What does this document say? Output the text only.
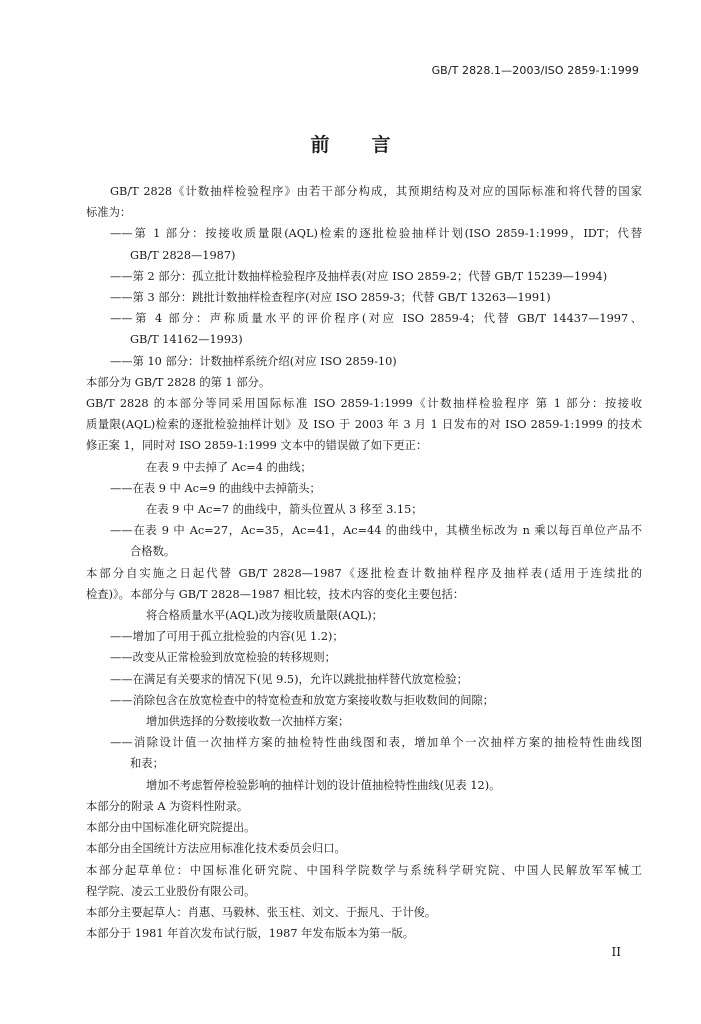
GB/T 2828.1—2003/ISO 2859-1:1999
前言
GB/T 2828《计数抽样检验程序》由若干部分构成，其预期结构及对应的国际标准和将代替的国家
标准为：
——第 1 部分：按接收质量限(AQL)检索的逐批检验抽样计划(ISO 2859-1:1999，IDT；代替
GB/T 2828—1987)
——第 2 部分：孤立批计数抽样检验程序及抽样表(对应 ISO 2859-2；代替 GB/T 15239—1994)
——第 3 部分：跳批计数抽样检查程序(对应 ISO 2859-3；代替 GB/T 13263—1991)
——第 4 部分：声称质量水平的评价程序(对应 ISO 2859-4；代替 GB/T 14437—1997、
GB/T 14162—1993)
——第 10 部分：计数抽样系统介绍(对应 ISO 2859-10)
本部分为 GB/T 2828 的第 1 部分。
GB/T 2828 的本部分等同采用国际标准 ISO 2859-1:1999《计数抽样检验程序 第 1 部分：按接收
质量限(AQL)检索的逐批检验抽样计划》及 ISO 于 2003 年 3 月 1 日发布的对 ISO 2859-1:1999 的技术
修正案 1，同时对 ISO 2859-1:1999 文本中的错误做了如下更正：
在表 9 中去掉了 Ac=4 的曲线；
——在表 9 中 Ac=9 的曲线中去掉箭头；
在表 9 中 Ac=7 的曲线中，箭头位置从 3 移至 3.15；
——在表 9 中 Ac=27，Ac=35，Ac=41，Ac=44 的曲线中，其横坐标改为 n 乘以每百单位产品不
合格数。
本部分自实施之日起代替 GB/T 2828—1987《逐批检查计数抽样程序及抽样表(适用于连续批的
检查)》。本部分与 GB/T 2828—1987 相比较，技术内容的变化主要包括：
将合格质量水平(AQL)改为接收质量限(AQL)；
——增加了可用于孤立批检验的内容(见 1.2)；
——改变从正常检验到放宽检验的转移规则；
——在满足有关要求的情况下(见 9.5)，允许以跳批抽样替代放宽检验；
——消除包含在放宽检查中的特宽检查和放宽方案接收数与拒收数间的间隙；
增加供选择的分数接收数一次抽样方案；
——消除设计值一次抽样方案的抽检特性曲线图和表，增加单个一次抽样方案的抽检特性曲线图
和表；
增加不考虑暂停检验影响的抽样计划的设计值抽检特性曲线(见表 12)。
本部分的附录 A 为资料性附录。
本部分由中国标准化研究院提出。
本部分由全国统计方法应用标准化技术委员会归口。
本部分起草单位：中国标准化研究院、中国科学院数学与系统科学研究院、中国人民解放军军械工
程学院、凌云工业股份有限公司。
本部分主要起草人：肖惠、马毅林、张玉柱、刘文、于振凡、于计俊。
本部分于 1981 年首次发布试行版，1987 年发布版本为第一版。
II
